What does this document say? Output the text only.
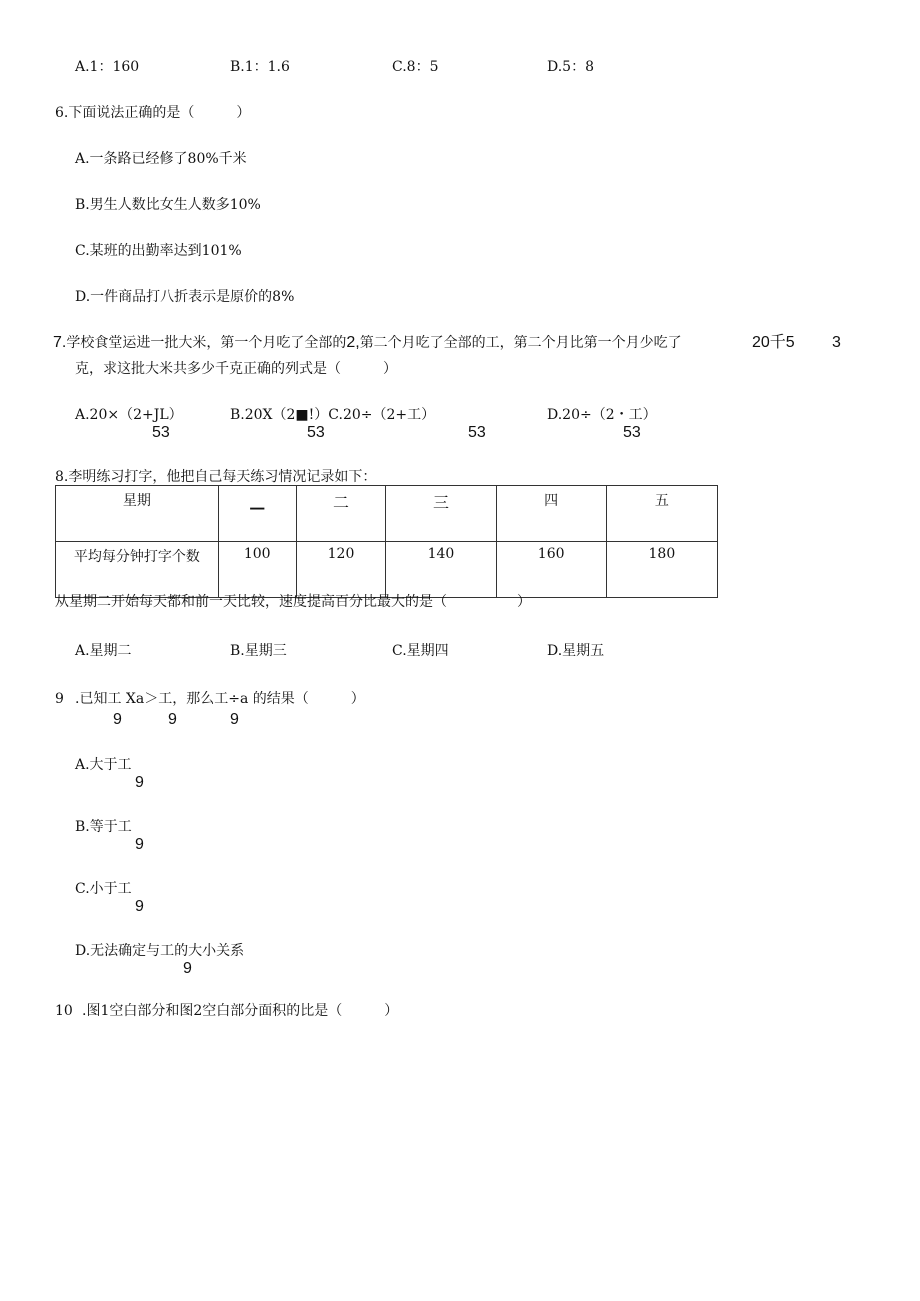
A.1：160	B.1：1.6	C.8：5	D.5：8
6.下面说法正确的是（　　　）
A.一条路已经修了80%千米
B.男生人数比女生人数多10%
C.某班的出勤率达到101%
D.一件商品打八折表示是原价的8%
7.学校食堂运进一批大米，第一个月吃了全部的2,第二个月吃了全部的工，第二个月比第一个月少吃了	20千5 3
克，求这批大米共多少千克正确的列式是（　　　）
A.20×（2+JL）	B.20X（2■!）C.20÷（2+工）	D.20÷（2・工）
53	53	53	53
8.李明练习打字，他把自己每天练习情况记录如下：
星期	—	二	三	四	五
平均每分钟打字个数	100	120	140	160	180
从星期二开始每天都和前一天比较，速度提高百分比最大的是（　　　　　）
A.星期二	B.星期三	C.星期四	D.星期五
9 .已知工 Xa＞工，那么工÷a 的结果（　　　）
9	9	9
A.大于工
9
B.等于工
9
C.小于工
9
D.无法确定与工的大小关系
9
10 .图1空白部分和图2空白部分面积的比是（　　　）
